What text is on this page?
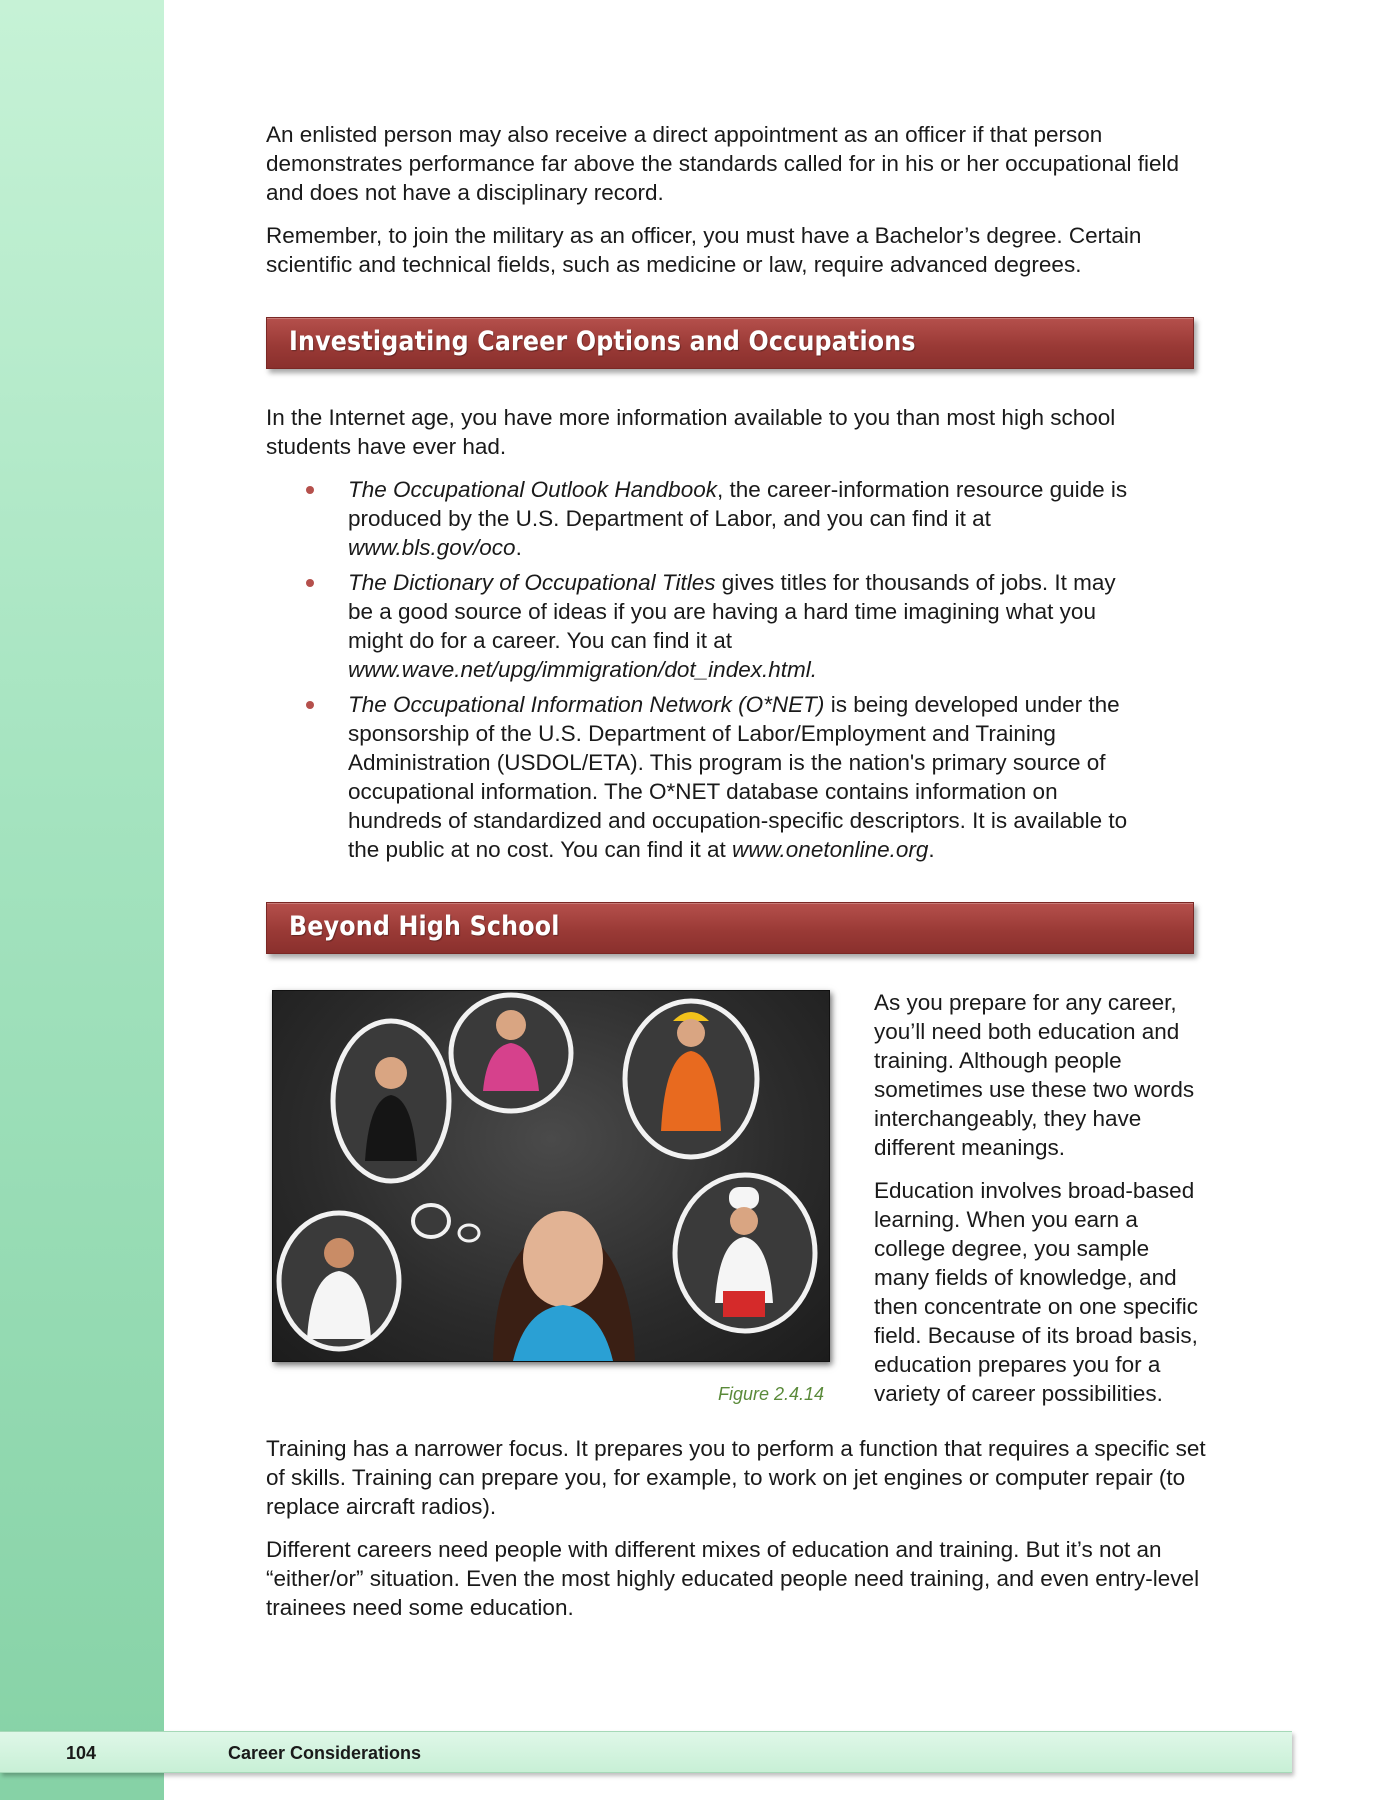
An enlisted person may also receive a direct appointment as an officer if that person demonstrates performance far above the standards called for in his or her occupational field and does not have a disciplinary record.

Remember, to join the military as an officer, you must have a Bachelor’s degree. Certain scientific and technical fields, such as medicine or law, require advanced degrees.

Investigating Career Options and Occupations

In the Internet age, you have more information available to you than most high school students have ever had.

The Occupational Outlook Handbook, the career-information resource guide is produced by the U.S. Department of Labor, and you can find it at www.bls.gov/oco.
The Dictionary of Occupational Titles gives titles for thousands of jobs. It may be a good source of ideas if you are having a hard time imagining what you might do for a career. You can find it at www.wave.net/upg/immigration/dot_index.html.
The Occupational Information Network (O*NET) is being developed under the sponsorship of the U.S. Department of Labor/Employment and Training Administration (USDOL/ETA). This program is the nation's primary source of occupational information. The O*NET database contains information on hundreds of standardized and occupation-specific descriptors. It is available to the public at no cost. You can find it at www.onetonline.org.
Beyond High School
Figure 2.4.14

As you prepare for any career, you’ll need both education and training. Although people sometimes use these two words interchangeably, they have different meanings.

Education involves broad-based learning. When you earn a college degree, you sample many fields of knowledge, and then concentrate on one specific field. Because of its broad basis, education prepares you for a variety of career possibilities.

Training has a narrower focus. It prepares you to perform a function that requires a specific set of skills. Training can prepare you, for example, to work on jet engines or computer repair (to replace aircraft radios).

Different careers need people with different mixes of education and training. But it’s not an “either/or” situation. Even the most highly educated people need training, and even entry-level trainees need some education.

104	Career Considerations
